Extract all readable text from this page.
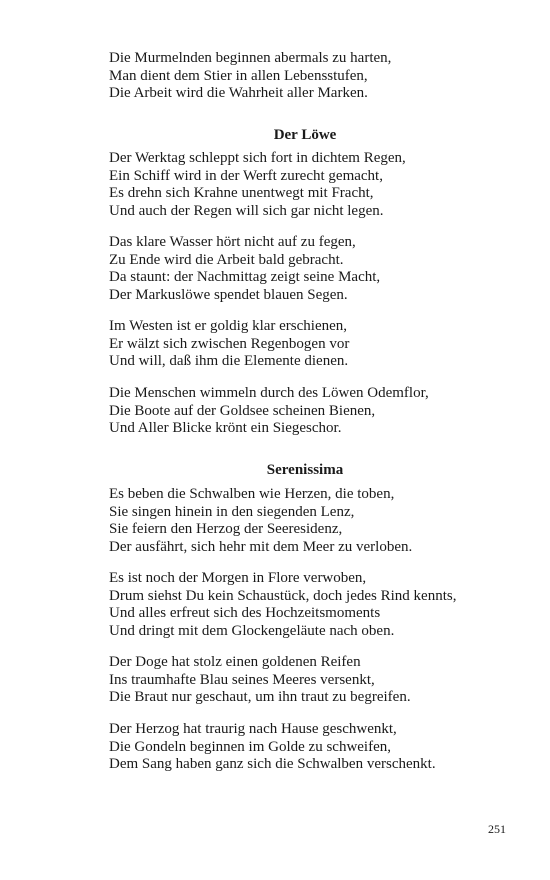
Die Murmelnden beginnen abermals zu harten,
Man dient dem Stier in allen Lebensstufen,
Die Arbeit wird die Wahrheit aller Marken.
Der Löwe
Der Werktag schleppt sich fort in dichtem Regen,
Ein Schiff wird in der Werft zurecht gemacht,
Es drehn sich Krahne unentwegt mit Fracht,
Und auch der Regen will sich gar nicht legen.
Das klare Wasser hört nicht auf zu fegen,
Zu Ende wird die Arbeit bald gebracht.
Da staunt: der Nachmittag zeigt seine Macht,
Der Markuslöwe spendet blauen Segen.
Im Westen ist er goldig klar erschienen,
Er wälzt sich zwischen Regenbogen vor
Und will, daß ihm die Elemente dienen.
Die Menschen wimmeln durch des Löwen Odemflor,
Die Boote auf der Goldsee scheinen Bienen,
Und Aller Blicke krönt ein Siegeschor.
Serenissima
Es beben die Schwalben wie Herzen, die toben,
Sie singen hinein in den siegenden Lenz,
Sie feiern den Herzog der Seeresidenz,
Der ausfährt, sich hehr mit dem Meer zu verloben.
Es ist noch der Morgen in Flore verwoben,
Drum siehst Du kein Schaustück, doch jedes Rind kennts,
Und alles erfreut sich des Hochzeitsmoments
Und dringt mit dem Glockengeläute nach oben.
Der Doge hat stolz einen goldenen Reifen
Ins traumhafte Blau seines Meeres versenkt,
Die Braut nur geschaut, um ihn traut zu begreifen.
Der Herzog hat traurig nach Hause geschwenkt,
Die Gondeln beginnen im Golde zu schweifen,
Dem Sang haben ganz sich die Schwalben verschenkt.
251
